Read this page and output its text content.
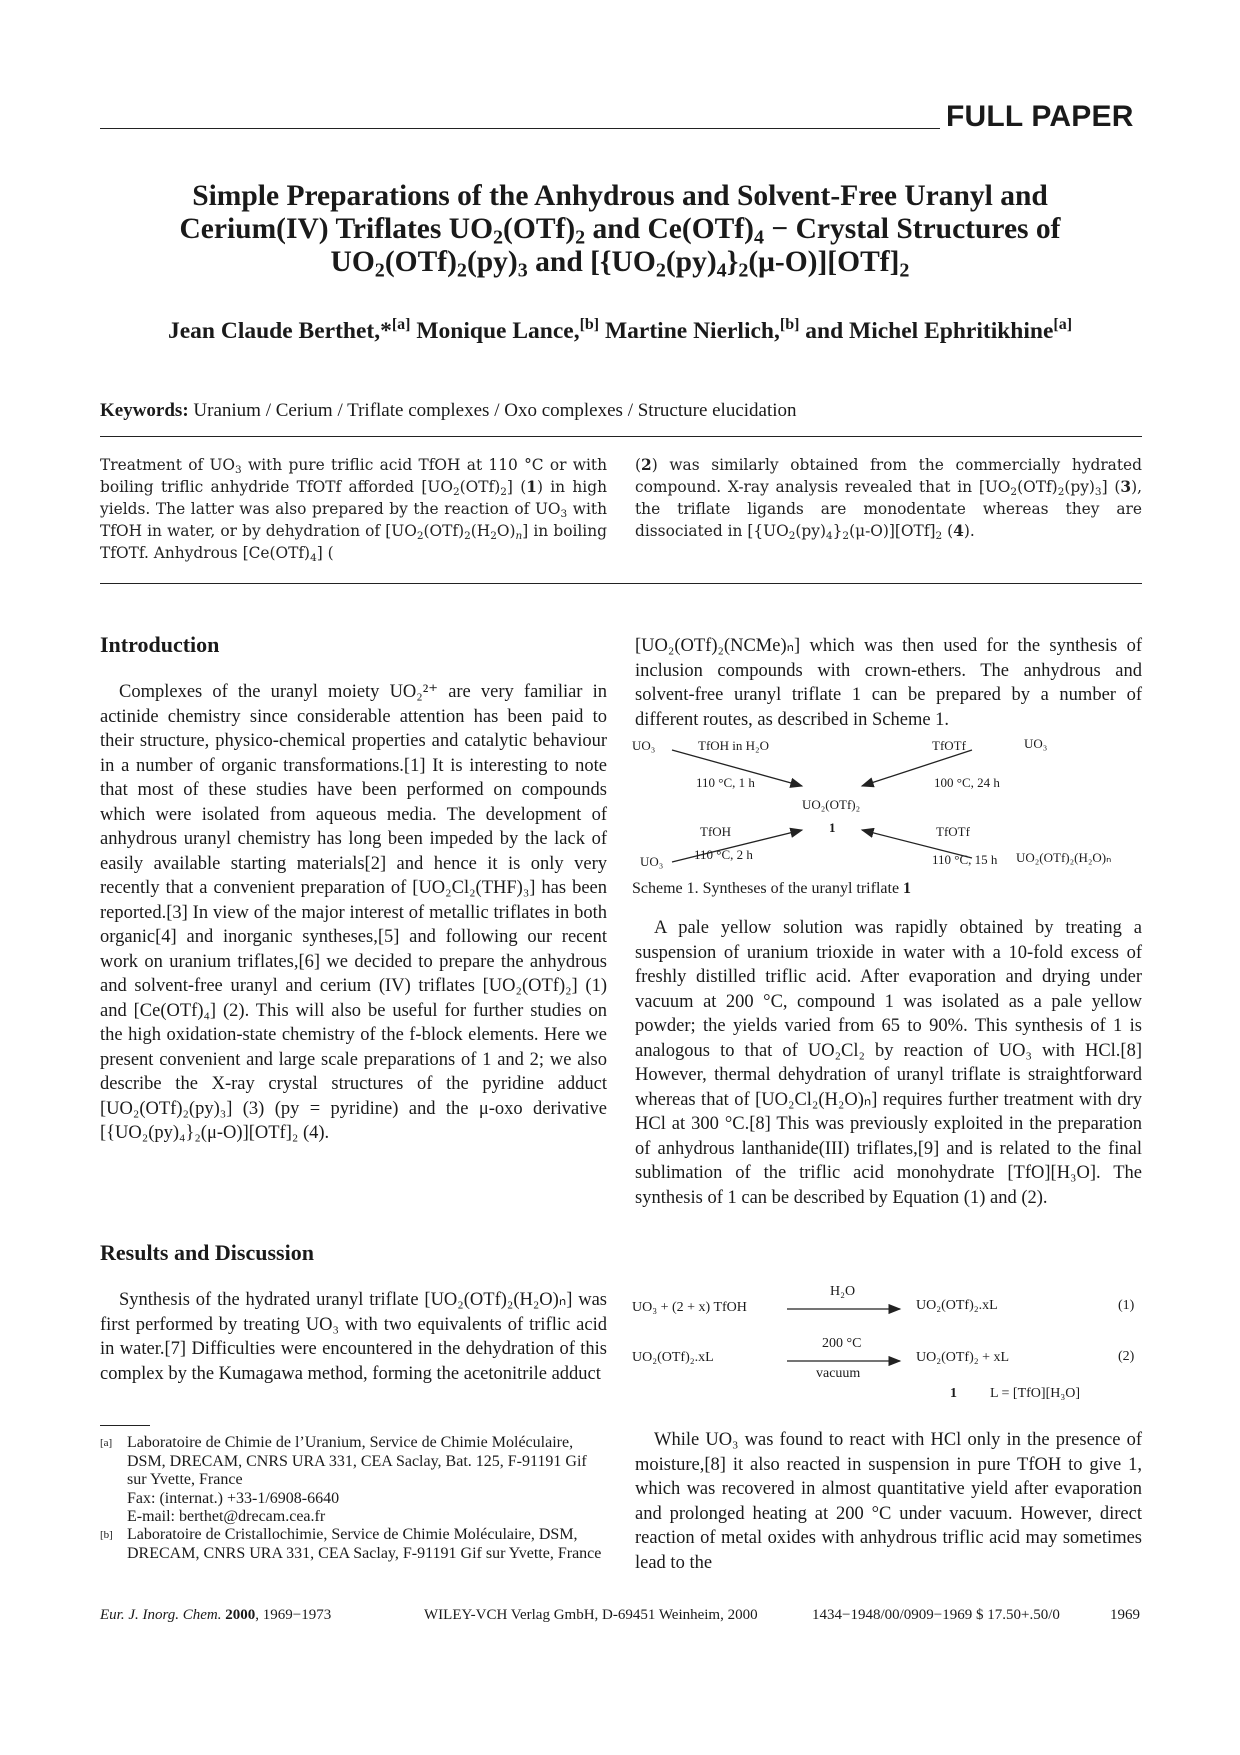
FULL PAPER
Simple Preparations of the Anhydrous and Solvent-Free Uranyl and
Cerium(IV) Triflates $UO_2(OTf)_2$ and $Ce(OTf)_4$ − Crystal Structures of
$UO_2(OTf)_2(py)_3$ and $[\{UO_2(py)_4\}_2(\mu-O)][OTf]_2$
Jean Claude Berthet,*[a] Monique Lance,[b] Martine Nierlich,[b] and Michel Ephritikhine[a]
Keywords: Uranium / Cerium / Triflate complexes / Oxo complexes / Structure elucidation
Treatment of $UO_3$ with pure triflic acid TfOH at 110 °C or with boiling triflic anhydride TfOTf afforded $[UO_2(OTf)_2]$ (1) in high yields. The latter was also prepared by the reaction of $UO_3$ with TfOH in water, or by dehydration of $[UO_2(OTf)_2(H_2O)_n]$ in boiling TfOTf. Anhydrous $[Ce(OTf)_4]$ (
(2) was similarly obtained from the commercially hydrated compound. X-ray analysis revealed that in $[UO_2(OTf)_2(py)_3]$ (3), the triflate ligands are monodentate whereas they are dissociated in $[\{UO_2(py)_4\}_2(\mu-O)][OTf]_2$ (4).
Introduction

Complexes of the uranyl moiety UO₂²⁺ are very familiar in actinide chemistry since considerable attention has been paid to their structure, physico-chemical properties and catalytic behaviour in a number of organic transformations.[1] It is interesting to note that most of these studies have been performed on compounds which were isolated from aqueous media. The development of anhydrous uranyl chemistry has long been impeded by the lack of easily available starting materials[2] and hence it is only very recently that a convenient preparation of [UO₂Cl₂(THF)₃] has been reported.[3] In view of the major interest of metallic triflates in both organic[4] and inorganic syntheses,[5] and following our recent work on uranium triflates,[6] we decided to prepare the anhydrous and solvent-free uranyl and cerium (IV) triflates [UO₂(OTf)₂] (1) and [Ce(OTf)₄] (2). This will also be useful for further studies on the high oxidation-state chemistry of the f-block elements. Here we present convenient and large scale preparations of 1 and 2; we also describe the X-ray crystal structures of the pyridine adduct [UO₂(OTf)₂(py)₃] (3) (py = pyridine) and the μ-oxo derivative [{UO₂(py)₄}₂(μ-O)][OTf]₂ (4).

Results and Discussion

Synthesis of the hydrated uranyl triflate [UO₂(OTf)₂(H₂O)ₙ] was first performed by treating UO₃ with two equivalents of triflic acid in water.[7] Difficulties were encountered in the dehydration of this complex by the Kumagawa method, forming the acetonitrile adduct

[a] Laboratoire de Chimie de l’Uranium, Service de Chimie Moléculaire, DSM, DRECAM, CNRS URA 331, CEA Saclay, Bat. 125, F-91191 Gif sur Yvette, France
Fax: (internat.) +33-1/6908-6640
E-mail: berthet@drecam.cea.fr
[b] Laboratoire de Cristallochimie, Service de Chimie Moléculaire, DSM, DRECAM, CNRS URA 331, CEA Saclay, F-91191 Gif sur Yvette, France

[UO₂(OTf)₂(NCMe)ₙ] which was then used for the synthesis of inclusion compounds with crown-ethers. The anhydrous and solvent-free uranyl triflate 1 can be prepared by a number of different routes, as described in Scheme 1.

UO₃	TfOH in H₂O
110 °C, 1 h
TfOTf	UO₃
100 °C, 24 h
UO₂(OTf)₂
1
TfOH
110 °C, 2 h
UO₃
TfOTf
110 °C, 15 h UO₂(OTf)₂(H₂O)ₙ
Scheme 1. Syntheses of the uranyl triflate 1

A pale yellow solution was rapidly obtained by treating a suspension of uranium trioxide in water with a 10-fold excess of freshly distilled triflic acid. After evaporation and drying under vacuum at 200 °C, compound 1 was isolated as a pale yellow powder; the yields varied from 65 to 90%. This synthesis of 1 is analogous to that of UO₂Cl₂ by reaction of UO₃ with HCl.[8] However, thermal dehydration of uranyl triflate is straightforward whereas that of [UO₂Cl₂(H₂O)ₙ] requires further treatment with dry HCl at 300 °C.[8] This was previously exploited in the preparation of anhydrous lanthanide(III) triflates,[9] and is related to the final sublimation of the triflic acid monohydrate [TfO][H₃O]. The synthesis of 1 can be described by Equation (1) and (2).

UO₃ + (2 + x) TfOH
H₂O
UO₂(OTf)₂.xL	(1)
UO₂(OTf)₂.xL
200 °C
vacuum
UO₂(OTf)₂ + xL	(2)
1 L = [TfO][H₃O]

While UO₃ was found to react with HCl only in the presence of moisture,[8] it also reacted in suspension in pure TfOH to give 1, which was recovered in almost quantitative yield after evaporation and prolonged heating at 200 °C under vacuum. However, direct reaction of metal oxides with anhydrous triflic acid may sometimes lead to the

Eur. J. Inorg. Chem. 2000, 1969−1973	WILEY-VCH Verlag GmbH, D-69451 Weinheim, 2000	1434−1948/00/0909−1969 $ 17.50+.50/0	1969
